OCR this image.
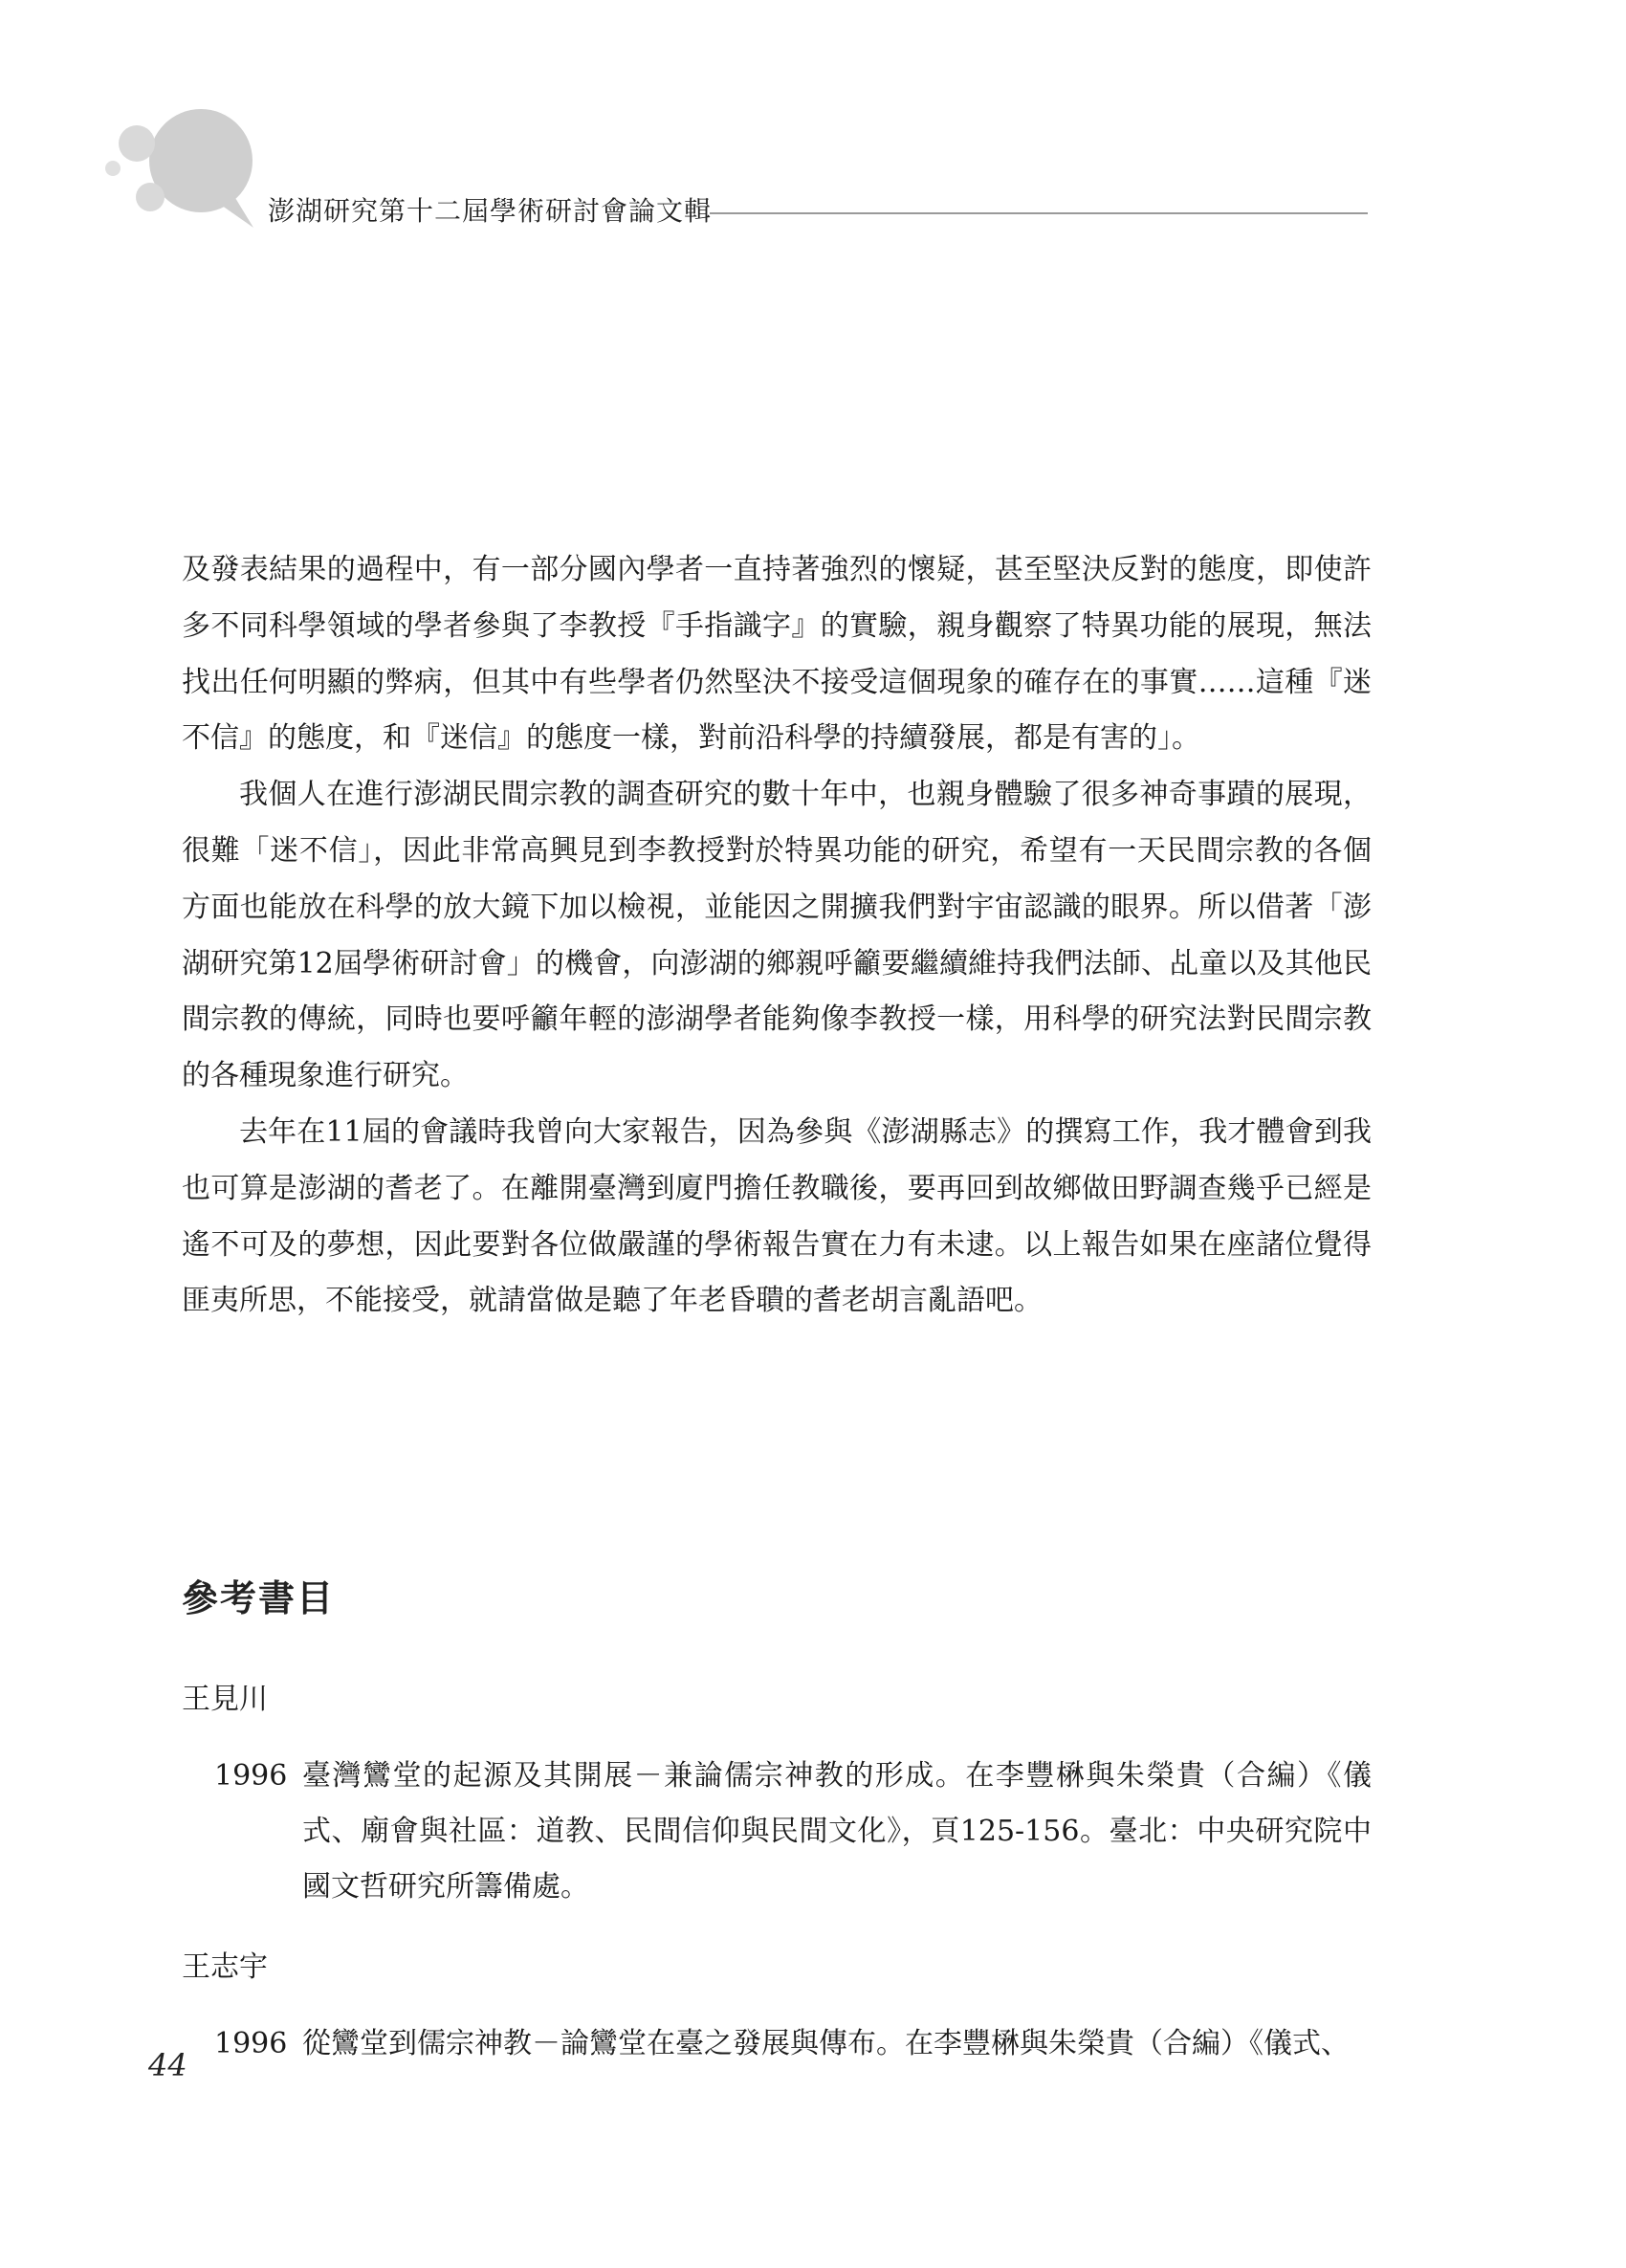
澎湖研究第十二屆學術研討會論文輯

及發表結果的過程中，有一部分國內學者一直持著強烈的懷疑，甚至堅決反對的態度，即使許多不同科學領域的學者參與了李教授『手指識字』的實驗，親身觀察了特異功能的展現，無法找出任何明顯的弊病，但其中有些學者仍然堅決不接受這個現象的確存在的事實……這種『迷不信』的態度，和『迷信』的態度一樣，對前沿科學的持續發展，都是有害的」。

我個人在進行澎湖民間宗教的調查研究的數十年中，也親身體驗了很多神奇事蹟的展現，很難「迷不信」，因此非常高興見到李教授對於特異功能的研究，希望有一天民間宗教的各個方面也能放在科學的放大鏡下加以檢視，並能因之開擴我們對宇宙認識的眼界。所以借著「澎湖研究第12屆學術研討會」的機會，向澎湖的鄉親呼籲要繼續維持我們法師、乩童以及其他民間宗教的傳統，同時也要呼籲年輕的澎湖學者能夠像李教授一樣，用科學的研究法對民間宗教的各種現象進行研究。

去年在11屆的會議時我曾向大家報告，因為參與《澎湖縣志》的撰寫工作，我才體會到我也可算是澎湖的耆老了。在離開臺灣到廈門擔任教職後，要再回到故鄉做田野調查幾乎已經是遙不可及的夢想，因此要對各位做嚴謹的學術報告實在力有未逮。以上報告如果在座諸位覺得匪夷所思，不能接受，就請當做是聽了年老昏聵的耆老胡言亂語吧。

參考書目
王見川
1996 臺灣鸞堂的起源及其開展－兼論儒宗神教的形成。在李豐楙與朱榮貴（合編）《儀式、廟會與社區：道教、民間信仰與民間文化》，頁125-156。臺北：中央研究院中國文哲研究所籌備處。
王志宇
1996 從鸞堂到儒宗神教－論鸞堂在臺之發展與傳布。在李豐楙與朱榮貴（合編）《儀式、
44
